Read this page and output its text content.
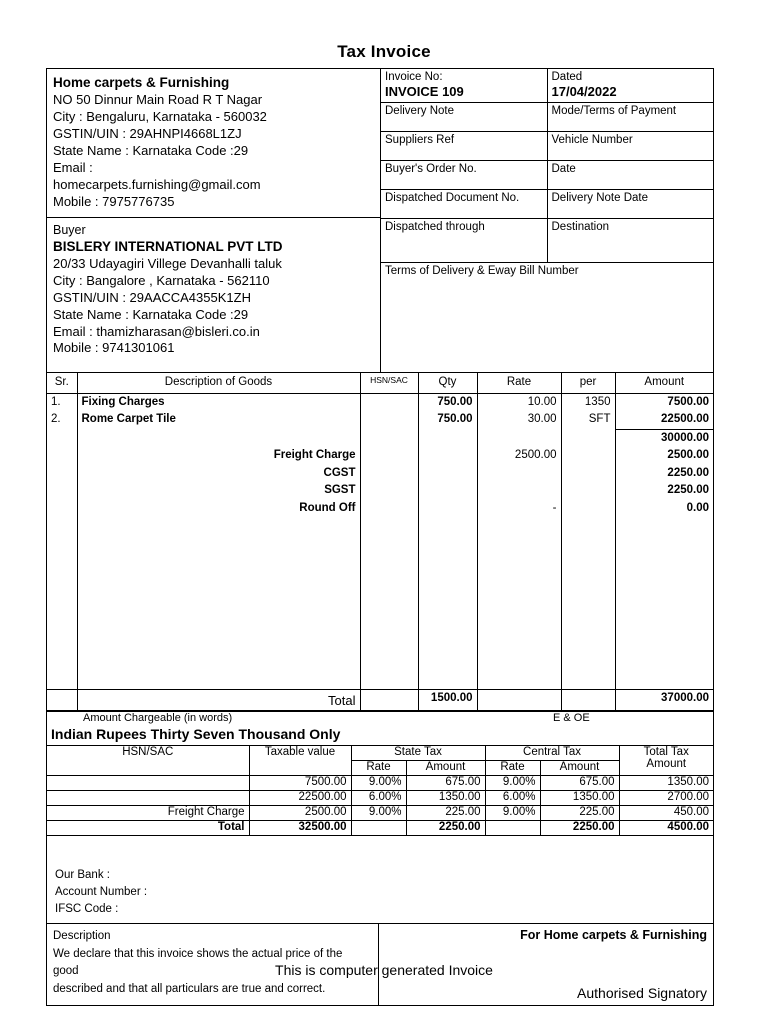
Tax Invoice
Home carpets & Furnishing
NO 50 Dinnur Main Road R T Nagar
City : Bengaluru, Karnataka - 560032
GSTIN/UIN : 29AHNPI4668L1ZJ
State Name : Karnataka Code :29
Email :
homecarpets.furnishing@gmail.com
Mobile : 7975776735
Buyer
BISLERY INTERNATIONAL PVT LTD
20/33 Udayagiri Villege Devanhalli taluk
City : Bangalore , Karnataka - 562110
GSTIN/UIN : 29AACCA4355K1ZH
State Name : Karnataka Code :29
Email : thamizharasan@bisleri.co.in
Mobile : 9741301061
Invoice No:
INVOICE 109

Dated
17/04/2022

Delivery Note	Mode/Terms of Payment

Suppliers Ref	Vehicle Number

Buyer's Order No.	Date

Dispatched Document No.	Delivery Note Date

Dispatched through	Destination

Terms of Delivery & Eway Bill Number	
Sr.	Description of Goods	HSN/SAC	Qty	Rate	per	Amount
1.	Fixing Charges		750.00	10.00	1350	7500.00
2.	Rome Carpet Tile		750.00	30.00	SFT	22500.00
						30000.00
	Freight Charge			2500.00		2500.00
	CGST					2250.00
	SGST					2250.00
	Round Off			-		0.00

	Total		1500.00			37000.00
Amount Chargeable (in words)	E & OE
Indian Rupees Thirty Seven Thousand Only
HSN/SAC	Taxable value	State Tax		Central Tax		Total Tax Amount
		Rate	Amount	Rate	Amount	
	7500.00	9.00%	675.00	9.00%	675.00	1350.00
	22500.00	6.00%	1350.00	6.00%	1350.00	2700.00
Freight Charge	2500.00	9.00%	225.00	9.00%	225.00	450.00
Total	32500.00		2250.00		2250.00	4500.00
Our Bank :
Account Number :
IFSC Code :
Description
We declare that this invoice shows the actual price of the good
described and that all particulars are true and correct.
For Home carpets & Furnishing
Authorised Signatory
This is computer generated Invoice
